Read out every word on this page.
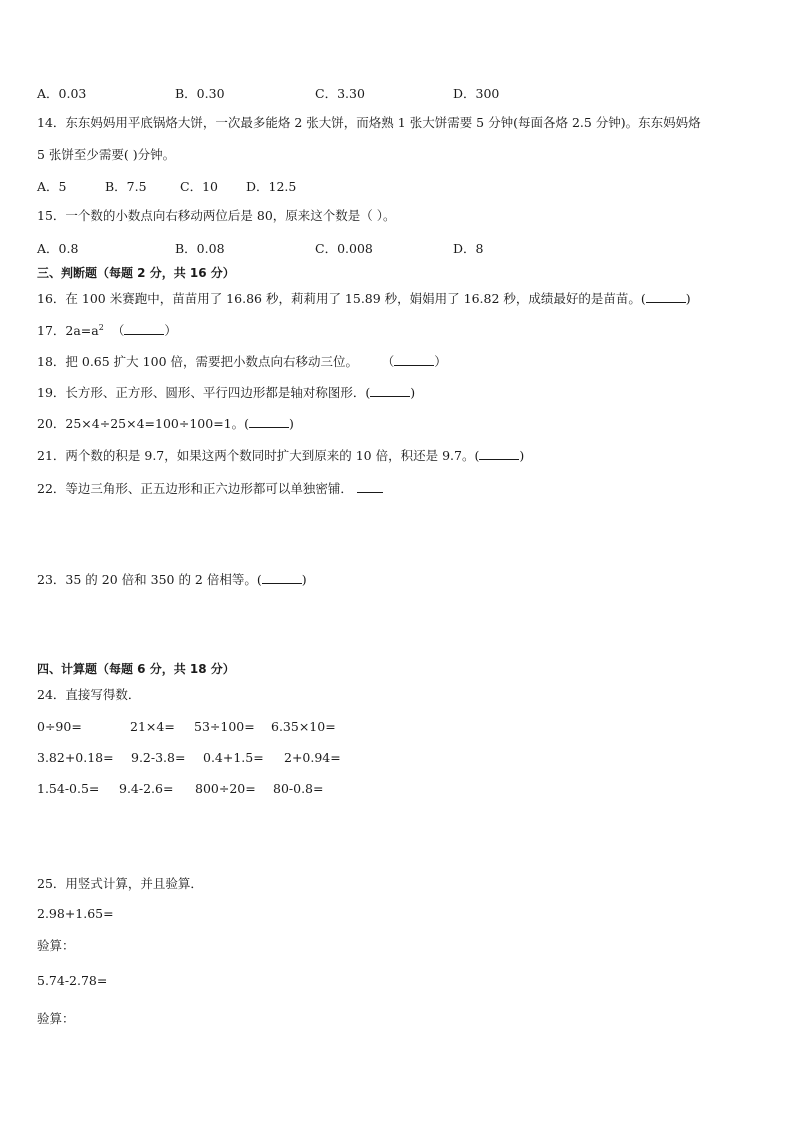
A．0.03	B．0.30	C．3.30	D．300
14．东东妈妈用平底锅烙大饼，一次最多能烙 2 张大饼，而烙熟 1 张大饼需要 5 分钟(每面各烙 2.5 分钟)。东东妈妈烙
5 张饼至少需要( )分钟。
A．5	B．7.5	C．10 D．12.5
15．一个数的小数点向右移动两位后是 80，原来这个数是（ ）。
A．0.8	B．0.08	C．0.008	D．8
三、判断题（每题 2 分，共 16 分）
16．在 100 米赛跑中，苗苗用了 16.86 秒，莉莉用了 15.89 秒，娟娟用了 16.82 秒，成绩最好的是苗苗。(	)
17．$2a=a^2$ （	）
18．把 0.65 扩大 100 倍，需要把小数点向右移动三位。 （	）
19．长方形、正方形、圆形、平行四边形都是轴对称图形．(	)
20．25×4÷25×4=100÷100=1。(	)
21．两个数的积是 9.7，如果这两个数同时扩大到原来的 10 倍，积还是 9.7。(	)
22．等边三角形、正五边形和正六边形都可以单独密铺．
23．35 的 20 倍和 350 的 2 倍相等。(	)
四、计算题（每题 6 分，共 18 分）
24．直接写得数．
0÷90=	21×4= 53÷100= 6.35×10=
3.82+0.18= 9.2-3.8= 0.4+1.5= 2+0.94=
1.54-0.5= 9.4-2.6= 800÷20= 80-0.8=
25．用竖式计算，并且验算．
2.98+1.65=
验算：
5.74-2.78=
验算：
